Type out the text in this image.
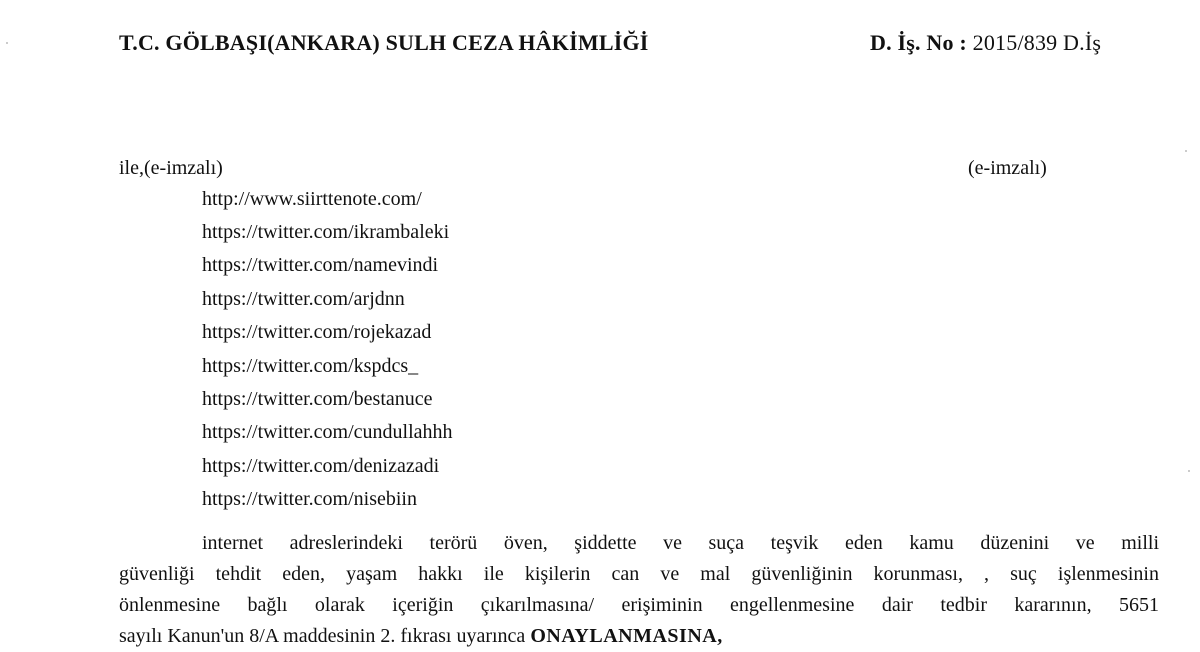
T.C. GÖLBAŞI(ANKARA) SULH CEZA HÂKİMLİĞİ	D. İş. No : 2015/839 D.İş
ile,(e-imzalı)	(e-imzalı)
http://www.siirttenote.com/
https://twitter.com/ikrambaleki
https://twitter.com/namevindi
https://twitter.com/arjdnn
https://twitter.com/rojekazad
https://twitter.com/kspdcs_
https://twitter.com/bestanuce
https://twitter.com/cundullahhh
https://twitter.com/denizazadi
https://twitter.com/nisebiin
internet adreslerindeki terörü öven, şiddette ve suça teşvik eden kamu düzenini ve milli
güvenliği tehdit eden, yaşam hakkı ile kişilerin can ve mal güvenliğinin korunması, , suç işlenmesinin
önlenmesine bağlı olarak içeriğin çıkarılmasına/ erişiminin engellenmesine dair tedbir kararının, 5651
sayılı Kanun'un 8/A maddesinin 2. fıkrası uyarınca ONAYLANMASINA,
